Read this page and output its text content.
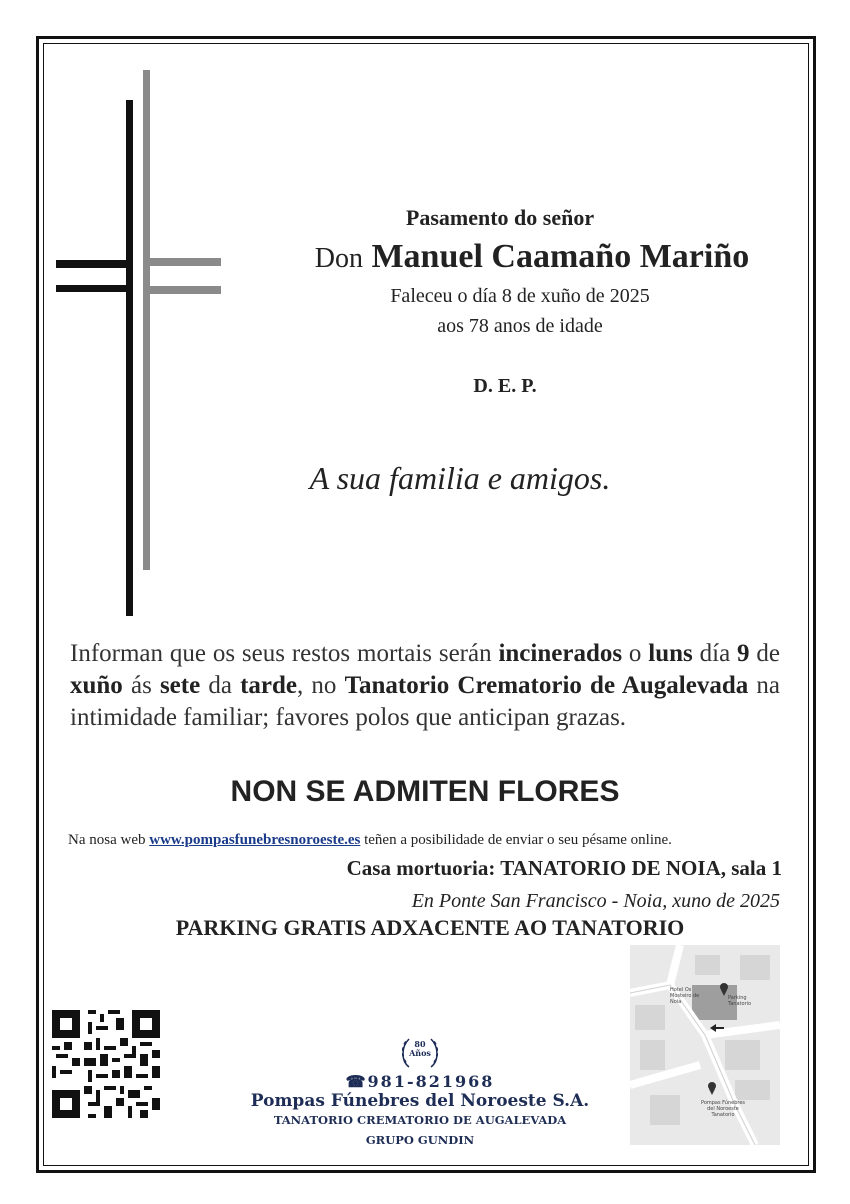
Pasamento do señor
Don Manuel Caamaño Mariño
Faleceu o día 8 de xuño de 2025
aos 78 anos de idade
D. E. P.
A sua familia e amigos.
Informan que os seus restos mortais serán incinerados o luns día 9 de xuño ás sete da tarde, no Tanatorio Crematorio de Augalevada na intimidade familiar; favores polos que anticipan grazas.
NON SE ADMITEN FLORES
Na nosa web www.pompasfunebresnoroeste.es teñen a posibilidade de enviar o seu pésame online.
Casa mortuoria: TANATORIO DE NOIA, sala 1
En Ponte San Francisco - Noia, xuno de 2025
PARKING GRATIS ADXACENTE AO TANATORIO
Hotel Os Mosteiro de Noia
Parking Tanatorio
Pompas Fúnebres del Noroeste Tanatorio
80 Años
☎981-821968
Pompas Fúnebres del Noroeste S.A.
TANATORIO CREMATORIO DE AUGALEVADA
GRUPO GUNDIN
